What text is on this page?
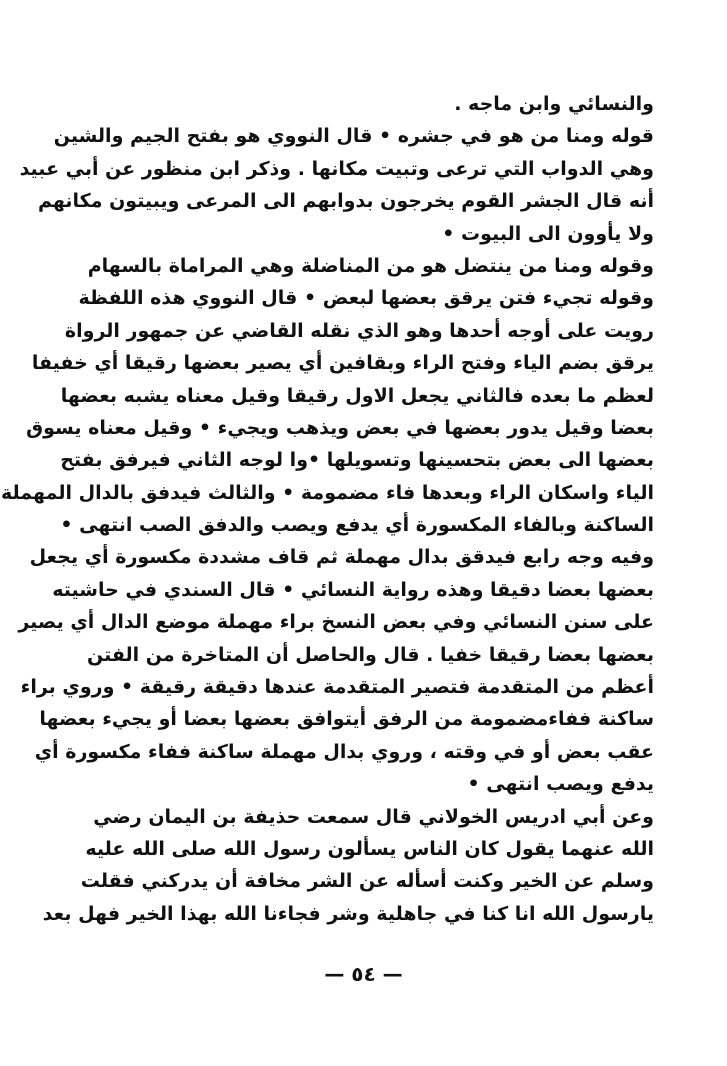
والنسائي وابن ماجه .
قوله ومنا من هو في جشره • قال النووي هو بفتح الجيم والشين
وهي الدواب التي ترعى وتبيت مكانها . وذكر ابن منظور عن أبي عبيد
أنه قال الجشر القوم يخرجون بدوابهم الى المرعى ويبيتون مكانهم
ولا يأوون الى البيوت •
وقوله ومنا من ينتضل هو من المناضلة وهي المراماة بالسهام
وقوله تجيء فتن يرقق بعضها لبعض • قال النووي هذه اللفظة
رويت على أوجه أحدها وهو الذي نقله القاضي عن جمهور الرواة
يرقق بضم الياء وفتح الراء وبقافين أي يصير بعضها رقيقا أي خفيفا
لعظم ما بعده فالثاني يجعل الاول رقيقا وقيل معناه يشبه بعضها
بعضا وقيل يدور بعضها في بعض ويذهب ويجيء • وقيل معناه يسوق
بعضها الى بعض بتحسينها وتسويلها •وا لوجه الثاني فيرفق بفتح
الياء واسكان الراء وبعدها فاء مضمومة • والثالث فيدفق بالدال المهملة
الساكنة وبالفاء المكسورة أي يدفع ويصب والدفق الصب انتهى •
وفيه وجه رابع فيدقق بدال مهملة ثم قاف مشددة مكسورة أي يجعل
بعضها بعضا دقيقا وهذه رواية النسائي • قال السندي في حاشيته
على سنن النسائي وفي بعض النسخ براء مهملة موضع الدال أي يصير
بعضها بعضا رقيقا خفيا . قال والحاصل أن المتاخرة من الفتن
أعظم من المتقدمة فتصير المتقدمة عندها دقيقة رقيقة • وروي براء
ساكنة ففاءمضمومة من الرفق أيتوافق بعضها بعضا أو يجيء بعضها
عقب بعض أو في وقته ، وروي بدال مهملة ساكنة ففاء مكسورة أي
يدفع ويصب انتهى •
وعن أبي ادريس الخولاني قال سمعت حذيفة بن اليمان رضي
الله عنهما يقول كان الناس يسألون رسول الله صلى الله عليه
وسلم عن الخير وكنت أسأله عن الشر مخافة أن يدركني فقلت
يارسول الله انا كنا في جاهلية وشر فجاءنا الله بهذا الخير فهل بعد
— ٥٤ —
